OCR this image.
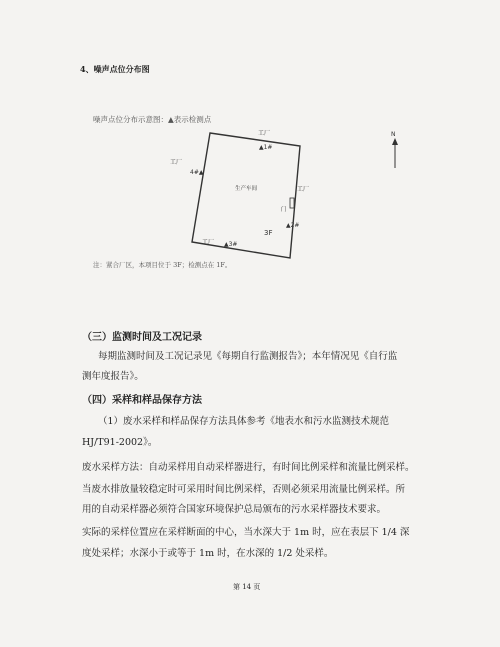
4、噪声点位分布图
噪声点位分布示意图：▲表示检测点
N
工厂
工厂
工厂
工厂
▲1#
▲2#
▲3#
4#▲
生产车间
门
3F
注：紧合厂区，本项目位于 3F；检测点在 1F。
（三）监测时间及工况记录
每期监测时间及工况记录见《每期自行监测报告》；本年情况见《自行监
测年度报告》。
（四）采样和样品保存方法
（1）废水采样和样品保存方法具体参考《地表水和污水监测技术规范
HJ/T91-2002》。
废水采样方法：自动采样用自动采样器进行，有时间比例采样和流量比例采样。
当废水排放量较稳定时可采用时间比例采样，否则必须采用流量比例采样。所
用的自动采样器必须符合国家环境保护总局颁布的污水采样器技术要求。
实际的采样位置应在采样断面的中心，当水深大于 1m 时，应在表层下 1/4 深
度处采样；水深小于或等于 1m 时，在水深的 1/2 处采样。
第 14 页
